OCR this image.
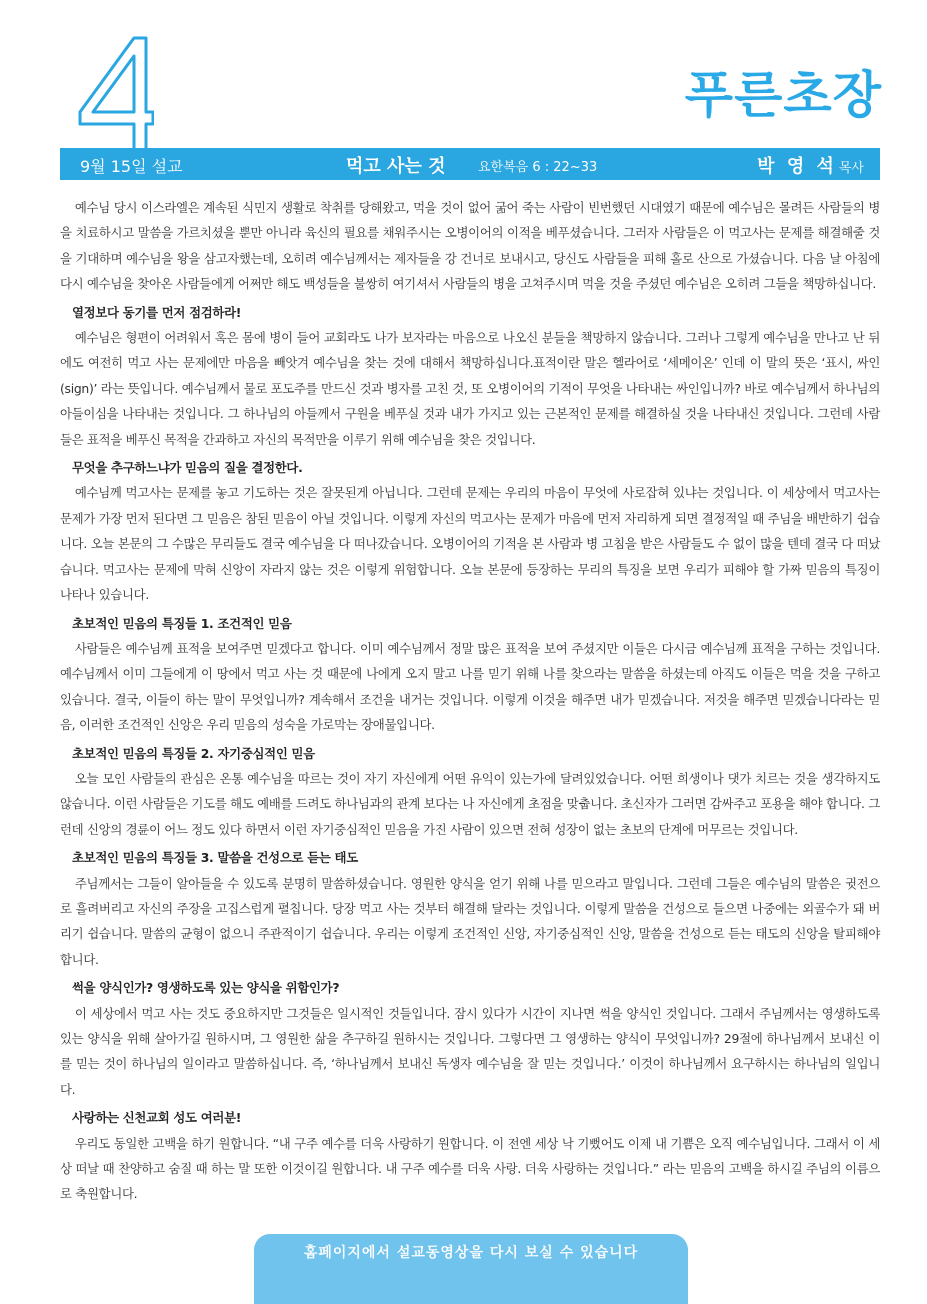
푸른초장
9월 15일 설교	먹고 사는 것	요한복음 6 : 22~33	박 영 석 목사

예수님 당시 이스라엘은 계속된 식민지 생활로 착취를 당해왔고, 먹을 것이 없어 굶어 죽는 사람이 빈번했던 시대였기 때문에 예수님은 몰려든 사람들의 병을 치료하시고 말씀을 가르치셨을 뿐만 아니라 육신의 필요를 채워주시는 오병이어의 이적을 베푸셨습니다. 그러자 사람들은 이 먹고사는 문제를 해결해줄 것을 기대하며 예수님을 왕을 삼고자했는데, 오히려 예수님께서는 제자들을 강 건너로 보내시고, 당신도 사람들을 피해 홀로 산으로 가셨습니다. 다음 날 아침에 다시 예수님을 찾아온 사람들에게 어쩌만 해도 백성들을 불쌍히 여기셔서 사람들의 병을 고쳐주시며 먹을 것을 주셨던 예수님은 오히려 그들을 책망하십니다.

열정보다 동기를 먼저 점검하라!

예수님은 형편이 어려워서 혹은 몸에 병이 들어 교회라도 나가 보자라는 마음으로 나오신 분들을 책망하지 않습니다. 그러나 그렇게 예수님을 만나고 난 뒤에도 여전히 먹고 사는 문제에만 마음을 빼앗겨 예수님을 찾는 것에 대해서 책망하십니다.표적이란 말은 헬라어로 ‘세메이온’ 인데 이 말의 뜻은 ‘표시, 싸인(sign)’ 라는 뜻입니다. 예수님께서 물로 포도주를 만드신 것과 병자를 고친 것, 또 오병이어의 기적이 무엇을 나타내는 싸인입니까? 바로 예수님께서 하나님의 아들이심을 나타내는 것입니다. 그 하나님의 아들께서 구원을 베푸실 것과 내가 가지고 있는 근본적인 문제를 해결하실 것을 나타내신 것입니다. 그런데 사람들은 표적을 베푸신 목적을 간과하고 자신의 목적만을 이루기 위해 예수님을 찾은 것입니다.

무엇을 추구하느냐가 믿음의 질을 결정한다.

예수님께 먹고사는 문제를 놓고 기도하는 것은 잘못된게 아닙니다. 그런데 문제는 우리의 마음이 무엇에 사로잡혀 있냐는 것입니다. 이 세상에서 먹고사는 문제가 가장 먼저 된다면 그 믿음은 참된 믿음이 아닐 것입니다. 이렇게 자신의 먹고사는 문제가 마음에 먼저 자리하게 되면 결정적일 때 주님을 배반하기 쉽습니다. 오늘 본문의 그 수많은 무리들도 결국 예수님을 다 떠나갔습니다. 오병이어의 기적을 본 사람과 병 고침을 받은 사람들도 수 없이 많을 텐데 결국 다 떠났습니다. 먹고사는 문제에 막혀 신앙이 자라지 않는 것은 이렇게 위험합니다. 오늘 본문에 등장하는 무리의 특징을 보면 우리가 피해야 할 가짜 믿음의 특징이 나타나 있습니다.

초보적인 믿음의 특징들 1. 조건적인 믿음

사람들은 예수님께 표적을 보여주면 믿겠다고 합니다. 이미 예수님께서 정말 많은 표적을 보여 주셨지만 이들은 다시금 예수님께 표적을 구하는 것입니다. 예수님께서 이미 그들에게 이 땅에서 먹고 사는 것 때문에 나에게 오지 말고 나를 믿기 위해 나를 찾으라는 말씀을 하셨는데 아직도 이들은 먹을 것을 구하고 있습니다. 결국, 이들이 하는 말이 무엇입니까? 계속해서 조건을 내거는 것입니다. 이렇게 이것을 해주면 내가 믿겠습니다. 저것을 해주면 믿겠습니다라는 믿음, 이러한 조건적인 신앙은 우리 믿음의 성숙을 가로막는 장애물입니다.

초보적인 믿음의 특징들 2. 자기중심적인 믿음

오늘 모인 사람들의 관심은 온통 예수님을 따르는 것이 자기 자신에게 어떤 유익이 있는가에 달려있었습니다. 어떤 희생이나 댓가 치르는 것을 생각하지도 않습니다. 이런 사람들은 기도를 해도 예배를 드려도 하나님과의 관계 보다는 나 자신에게 초점을 맞춥니다. 초신자가 그러면 감싸주고 포용을 해야 합니다. 그런데 신앙의 경륜이 어느 정도 있다 하면서 이런 자기중심적인 믿음을 가진 사람이 있으면 전혀 성장이 없는 초보의 단계에 머무르는 것입니다.

초보적인 믿음의 특징들 3. 말씀을 건성으로 듣는 태도

주님께서는 그들이 알아들을 수 있도록 분명히 말씀하셨습니다. 영원한 양식을 얻기 위해 나를 믿으라고 말입니다. 그런데 그들은 예수님의 말씀은 귓전으로 흘려버리고 자신의 주장을 고집스럽게 펼칩니다. 당장 먹고 사는 것부터 해결해 달라는 것입니다. 이렇게 말씀을 건성으로 들으면 나중에는 외골수가 돼 버리기 쉽습니다. 말씀의 균형이 없으니 주관적이기 쉽습니다. 우리는 이렇게 조건적인 신앙, 자기중심적인 신앙, 말씀을 건성으로 듣는 태도의 신앙을 탈피해야 합니다.

썩을 양식인가? 영생하도록 있는 양식을 위함인가?

이 세상에서 먹고 사는 것도 중요하지만 그것들은 일시적인 것들입니다. 잠시 있다가 시간이 지나면 썩을 양식인 것입니다. 그래서 주님께서는 영생하도록 있는 양식을 위해 살아가길 원하시며, 그 영원한 삶을 추구하길 원하시는 것입니다. 그렇다면 그 영생하는 양식이 무엇입니까? 29절에 하나님께서 보내신 이를 믿는 것이 하나님의 일이라고 말씀하십니다. 즉, ‘하나님께서 보내신 독생자 예수님을 잘 믿는 것입니다.’ 이것이 하나님께서 요구하시는 하나님의 일입니다.

사랑하는 신천교회 성도 여러분!

우리도 동일한 고백을 하기 원합니다. “내 구주 예수를 더욱 사랑하기 원합니다. 이 전엔 세상 낙 기뻤어도 이제 내 기쁨은 오직 예수님입니다. 그래서 이 세상 떠날 때 찬양하고 숨질 때 하는 말 또한 이것이길 원합니다. 내 구주 예수를 더욱 사랑. 더욱 사랑하는 것입니다.” 라는 믿음의 고백을 하시길 주님의 이름으로 축원합니다.

홈페이지에서 설교동영상을 다시 보실 수 있습니다
